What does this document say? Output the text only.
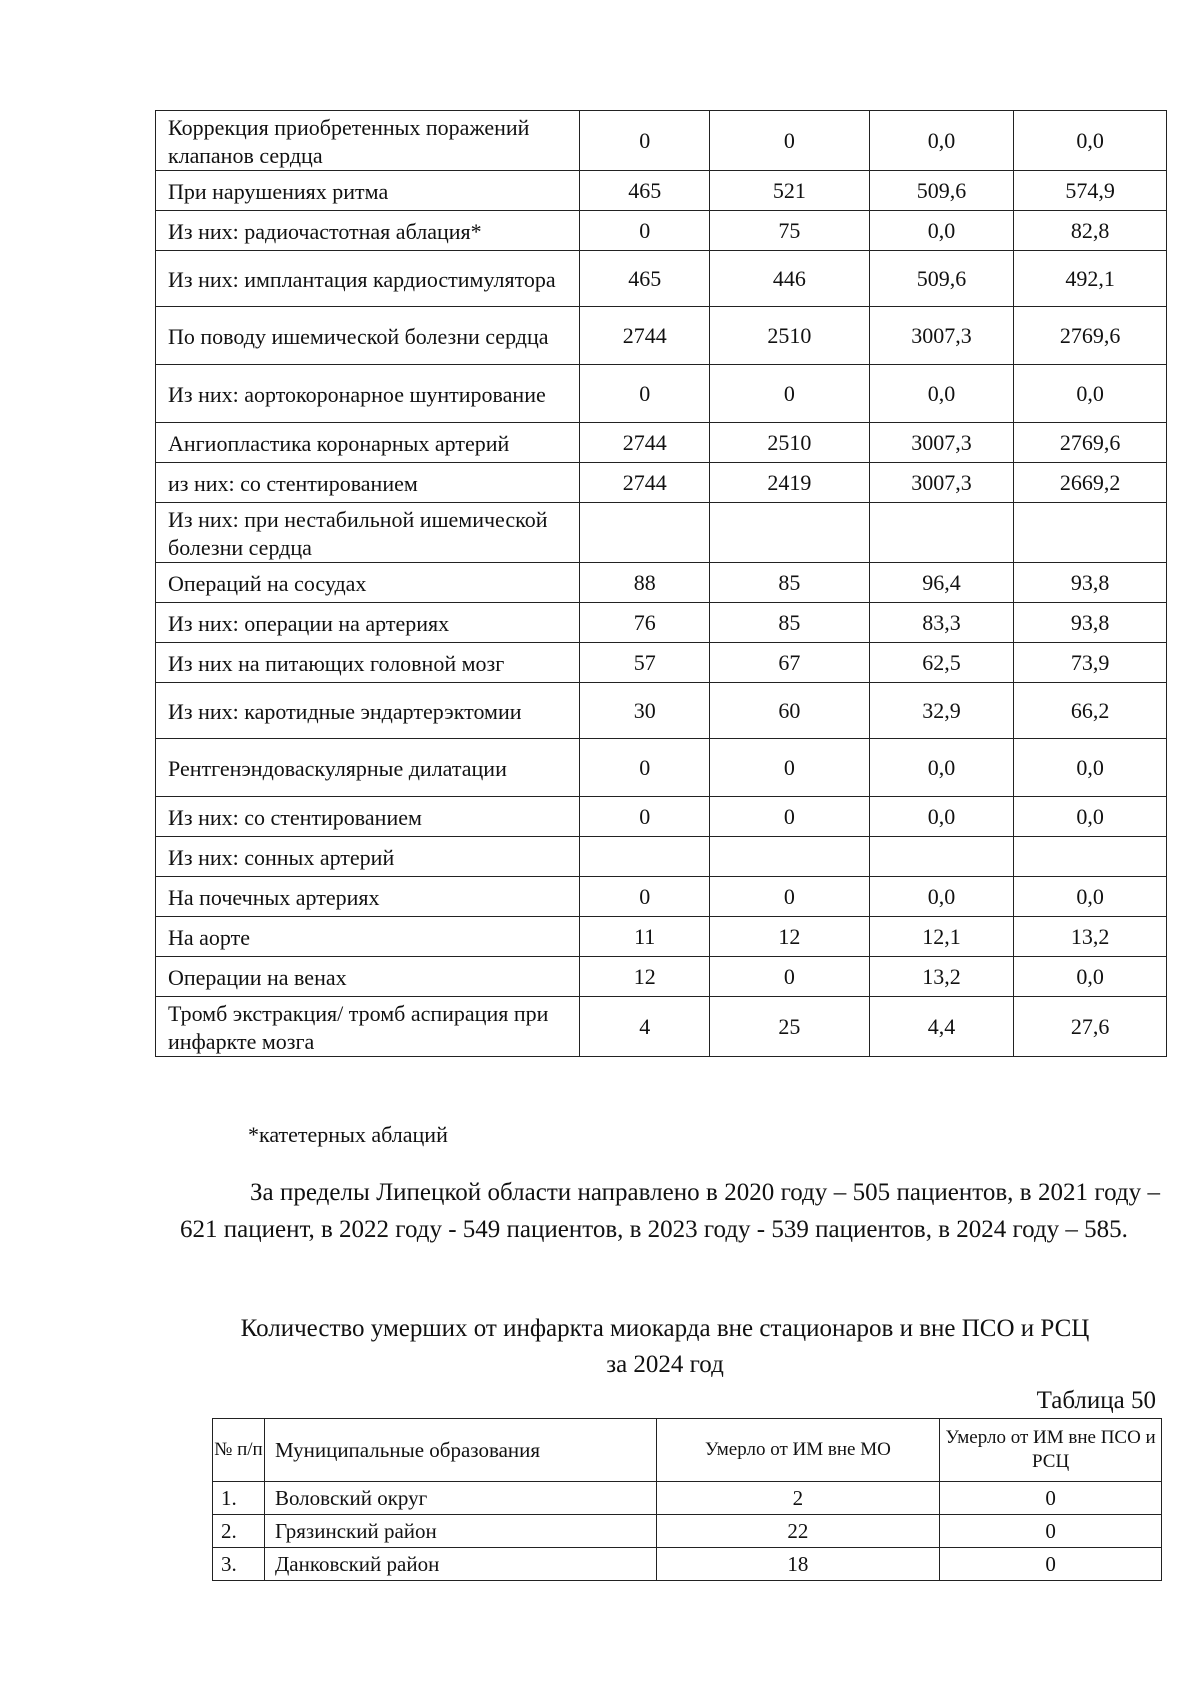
Коррекция приобретенных поражений клапанов сердца	0	0	0,0	0,0
При нарушениях ритма	465	521	509,6	574,9
Из них: радиочастотная аблация*	0	75	0,0	82,8
Из них: имплантация кардиостимулятора	465	446	509,6	492,1
По поводу ишемической болезни сердца	2744	2510	3007,3	2769,6
Из них: аортокоронарное шунтирование	0	0	0,0	0,0
Ангиопластика коронарных артерий	2744	2510	3007,3	2769,6
из них: со стентированием	2744	2419	3007,3	2669,2
Из них: при нестабильной ишемической болезни сердца				
Операций на сосудах	88	85	96,4	93,8
Из них: операции на артериях	76	85	83,3	93,8
Из них на питающих головной мозг	57	67	62,5	73,9
Из них: каротидные эндартерэктомии	30	60	32,9	66,2
Рентгенэндоваскулярные дилатации	0	0	0,0	0,0
Из них: со стентированием	0	0	0,0	0,0
Из них: сонных артерий				
На почечных артериях	0	0	0,0	0,0
На аорте	11	12	12,1	13,2
Операции на венах	12	0	13,2	0,0
Тромб экстракция/ тромб аспирация при инфаркте мозга	4	25	4,4	27,6
*катетерных аблаций
За пределы Липецкой области направлено в 2020 году – 505 пациентов, в 2021 году – 621 пациент, в 2022 году - 549 пациентов, в 2023 году - 539 пациентов, в 2024 году – 585.
Количество умерших от инфаркта миокарда вне стационаров и вне ПСО и РСЦ
за 2024 год
Таблица 50
№ п/п	Муниципальные образования	Умерло от ИМ вне МО	Умерло от ИМ вне ПСО и РСЦ
1.	Воловский округ	2	0
2.	Грязинский район	22	0
3.	Данковский район	18	0
